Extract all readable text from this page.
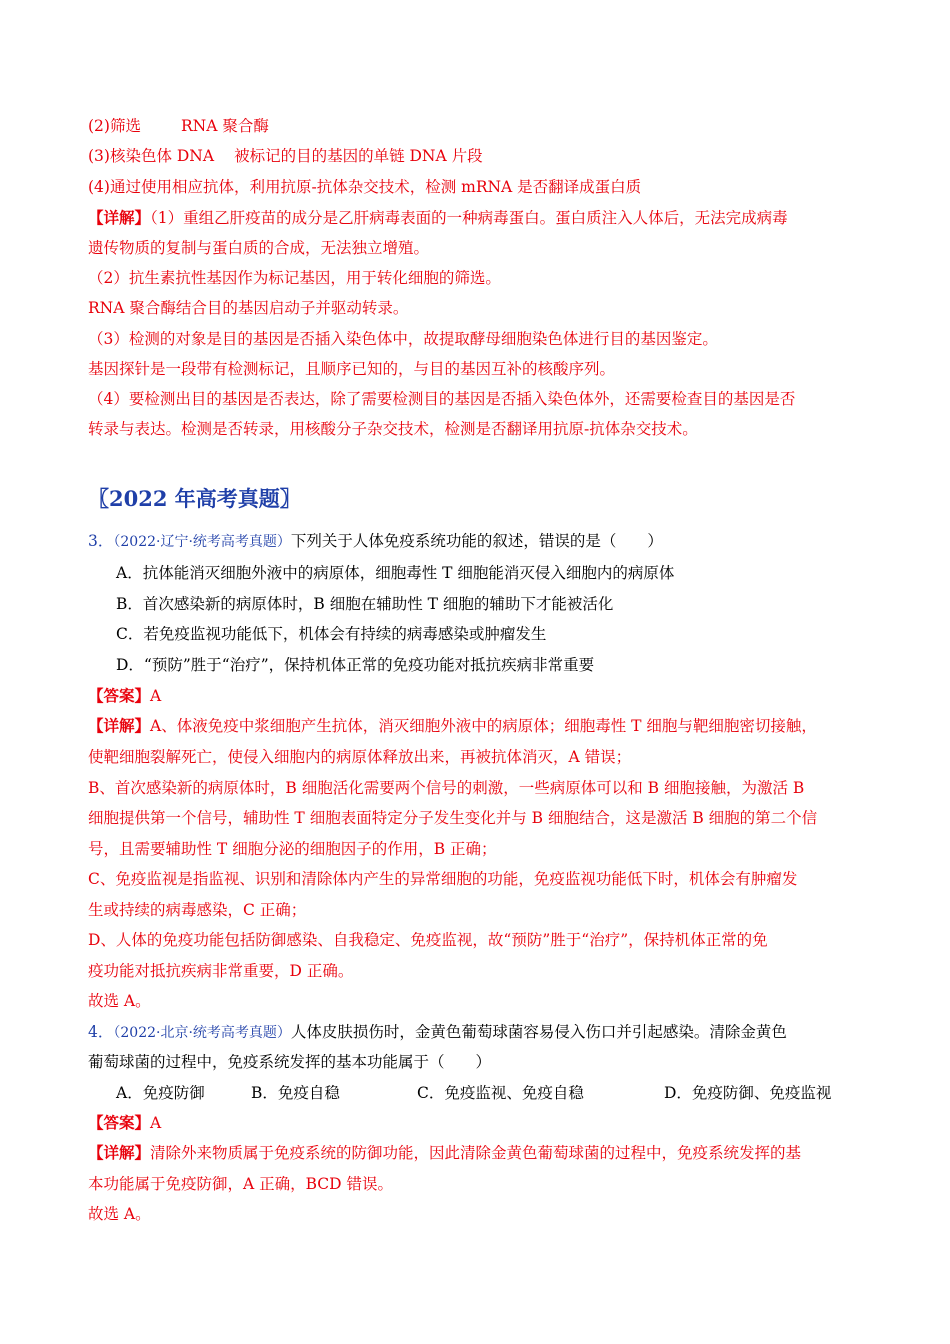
(2)筛选	RNA 聚合酶
(3)核染色体 DNA 被标记的目的基因的单链 DNA 片段
(4)通过使用相应抗体，利用抗原-抗体杂交技术，检测 mRNA 是否翻译成蛋白质
【详解】（1）重组乙肝疫苗的成分是乙肝病毒表面的一种病毒蛋白。蛋白质注入人体后，无法完成病毒
遗传物质的复制与蛋白质的合成，无法独立增殖。
（2）抗生素抗性基因作为标记基因，用于转化细胞的筛选。
RNA 聚合酶结合目的基因启动子并驱动转录。
（3）检测的对象是目的基因是否插入染色体中，故提取酵母细胞染色体进行目的基因鉴定。
基因探针是一段带有检测标记，且顺序已知的，与目的基因互补的核酸序列。
（4）要检测出目的基因是否表达，除了需要检测目的基因是否插入染色体外，还需要检查目的基因是否
转录与表达。检测是否转录，用核酸分子杂交技术，检测是否翻译用抗原-抗体杂交技术。
〖2022 年高考真题〗
3．（2022·辽宁·统考高考真题）下列关于人体免疫系统功能的叙述，错误的是（　　）
A．抗体能消灭细胞外液中的病原体，细胞毒性 T 细胞能消灭侵入细胞内的病原体
B．首次感染新的病原体时，B 细胞在辅助性 T 细胞的辅助下才能被活化
C．若免疫监视功能低下，机体会有持续的病毒感染或肿瘤发生
D．“预防”胜于“治疗”，保持机体正常的免疫功能对抵抗疾病非常重要
【答案】A
【详解】A、体液免疫中浆细胞产生抗体，消灭细胞外液中的病原体；细胞毒性 T 细胞与靶细胞密切接触，
使靶细胞裂解死亡，使侵入细胞内的病原体释放出来，再被抗体消灭，A 错误；
B、首次感染新的病原体时，B 细胞活化需要两个信号的刺激，一些病原体可以和 B 细胞接触，为激活 B
细胞提供第一个信号，辅助性 T 细胞表面特定分子发生变化并与 B 细胞结合，这是激活 B 细胞的第二个信
号，且需要辅助性 T 细胞分泌的细胞因子的作用，B 正确；
C、免疫监视是指监视、识别和清除体内产生的异常细胞的功能，免疫监视功能低下时，机体会有肿瘤发
生或持续的病毒感染，C 正确；
D、人体的免疫功能包括防御感染、自我稳定、免疫监视，故“预防”胜于“治疗”，保持机体正常的免
疫功能对抵抗疾病非常重要，D 正确。
故选 A。
4．（2022·北京·统考高考真题）人体皮肤损伤时，金黄色葡萄球菌容易侵入伤口并引起感染。清除金黄色
葡萄球菌的过程中，免疫系统发挥的基本功能属于（　　）
A．免疫防御	B．免疫自稳	C．免疫监视、免疫自稳	D．免疫防御、免疫监视
【答案】A
【详解】清除外来物质属于免疫系统的防御功能，因此清除金黄色葡萄球菌的过程中，免疫系统发挥的基
本功能属于免疫防御，A 正确，BCD 错误。
故选 A。
